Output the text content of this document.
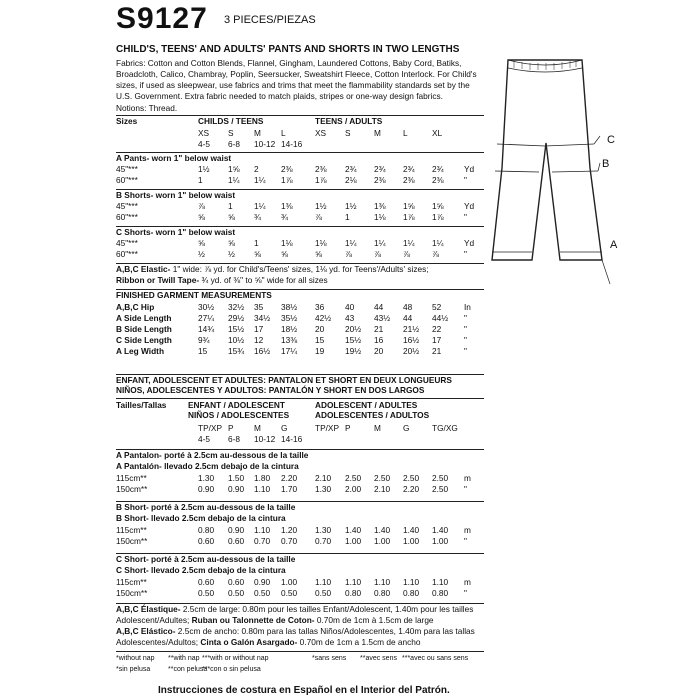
S9127 3 PIECES/PIEZAS
CHILD'S, TEENS' AND ADULTS' PANTS AND SHORTS IN TWO LENGTHS
Fabrics: Cotton and Cotton Blends, Flannel, Gingham, Laundered Cottons, Baby Cord, Batiks, Broadcloth, Calico, Chambray, Poplin, Seersucker, Sweatshirt Fleece, Cotton Interlock. For Child's sizes, if used as sleepwear, use fabrics and trims that meet the flammability standards set by the U.S. Government. Extra fabric needed to match plaids, stripes or one-way design fabrics.
Notions: Thread.
Sizes	CHILDS / TEENS	TEENS / ADULTS
XS S M L	XS S	M	L	XL
4-5 6-8 10-12 14-16
A Pants- worn 1" below waist
45"***	1½ 1⅝ 2	2⅜	2⅜ 2¾ 2¾ 2¾ 2¾ Yd
60"***	1	1¼ 1¼ 1⅞	1⅞ 2⅛ 2⅜ 2⅜ 2⅜ "
B Shorts- worn 1" below waist
45"***	⅞	1	1¼ 1⅜	1½ 1½ 1⅜ 1⅝ 1⅝ Yd
60"***	⅝	⅝ ¾ ¾	⅞	1	1⅛ 1⅞ 1⅞ "
C Shorts- worn 1" below waist
45"***	⅝	⅝ 1	1⅛	1⅛ 1¼ 1¼ 1¼ 1¼ Yd
60"***	½	½ ⅝ ⅝	⅝	⅞	⅞	⅞	⅞	"
A,B,C Elastic- 1" wide: ⅞ yd. for Child's/Teens' sizes, 1⅛ yd. for Teens'/Adults' sizes;
Ribbon or Twill Tape- ¾ yd. of ⅜" to ⅝" wide for all sizes
FINISHED GARMENT MEASUREMENTS
A,B,C Hip	30½ 32½ 35 38½ 36	40 44 48 52	In
A Side Length	27¼ 29½ 34½ 35½ 42½ 43 43½ 44 44½ "
B Side Length	14¾ 15½ 17 18½ 20	20½ 21 21½ 22	"
C Side Length	9¾ 10½ 12 13⅜ 15	15½ 16 16½ 17	"
A Leg Width	15	15¾ 16½ 17¼ 19	19½ 20 20½ 21	"
ENFANT, ADOLESCENT ET ADULTES: PANTALON ET SHORT EN DEUX LONGUEURS
NIÑOS, ADOLESCENTES Y ADULTOS: PANTALÓN Y SHORT EN DOS LARGOS
Tailles/Tallas	ENFANT / ADOLESCENT	ADOLESCENT / ADULTES
NIÑOS / ADOLESCENTES	ADOLESCENTES / ADULTOS
TP/XP P M G	TP/XP P	M	G	TG/XG
4-5 6-8 10-12 14-16
A Pantalon- porté à 2.5cm au-dessous de la taille
A Pantalón- llevado 2.5cm debajo de la cintura
115cm**	1.30 1.50 1.80 2.20 2.10 2.50 2.50 2.50 2.50 m
150cm**	0.90 0.90 1.10 1.70 1.30 2.00 2.10 2.20 2.50 "
B Short- porté à 2.5cm au-dessous de la taille
B Short- llevado 2.5cm debajo de la cintura
115cm**	0.80 0.90 1.10 1.20 1.30 1.40 1.40 1.40 1.40 m
150cm**	0.60 0.60 0.70 0.70 0.70 1.00 1.00 1.00 1.00 "
C Short- porté à 2.5cm au-dessous de la taille
C Short- llevado 2.5cm debajo de la cintura
115cm**	0.60 0.60 0.90 1.00 1.10 1.10 1.10 1.10 1.10 m
150cm**	0.50 0.50 0.50 0.50 0.50 0.80 0.80 0.80 0.80 "
A,B,C Élastique- 2.5cm de large: 0.80m pour les tailles Enfant/Adolescent, 1.40m pour les tailles Adolescent/Adultes; Ruban ou Talonnette de Coton- 0.70m de 1cm à 1.5cm de large
A,B,C Elástico- 2.5cm de ancho: 0.80m para las tallas Niños/Adolescentes, 1.40m para las tallas Adolescentes/Adultos; Cinta o Galón Asargado- 0.70m de 1cm a 1.5cm de ancho
*without nap **with nap ***with or without nap	*sans sens **avec sens ***avec ou sans sens
*sin pelusa	**con pelusa
***con o sin pelusa
Instrucciones de costura en Español en el Interior del Patrón.
C
B
A
